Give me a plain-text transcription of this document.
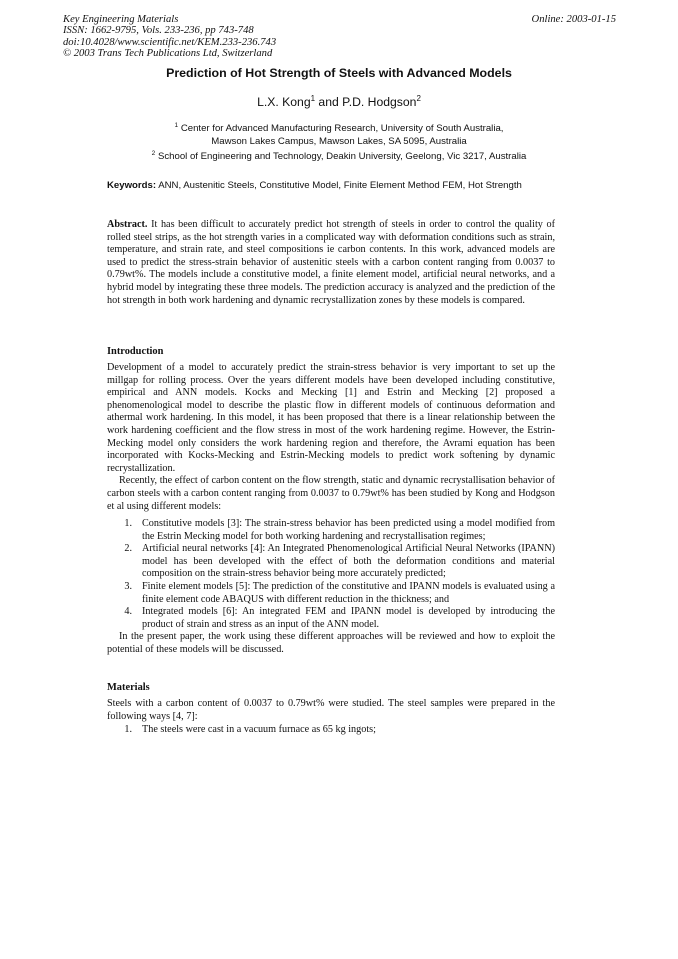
Key Engineering Materials
ISSN: 1662-9795, Vols. 233-236, pp 743-748
doi:10.4028/www.scientific.net/KEM.233-236.743
© 2003 Trans Tech Publications Ltd, Switzerland
Online: 2003-01-15
Prediction of Hot Strength of Steels with Advanced Models
L.X. Kong$^1$ and P.D. Hodgson$^2$
$^1$ Center for Advanced Manufacturing Research, University of South Australia,
Mawson Lakes Campus, Mawson Lakes, SA 5095, Australia
$^2$ School of Engineering and Technology, Deakin University, Geelong, Vic 3217, Australia
Keywords: ANN, Austenitic Steels, Constitutive Model, Finite Element Method FEM, Hot Strength
Abstract. It has been difficult to accurately predict hot strength of steels in order to control the quality of rolled steel strips, as the hot strength varies in a complicated way with deformation conditions such as strain, temperature, and strain rate, and steel compositions ie carbon contents. In this work, advanced models are used to predict the stress-strain behavior of austenitic steels with a carbon content ranging from 0.0037 to 0.79wt%. The models include a constitutive model, a finite element model, artificial neural networks, and a hybrid model by integrating these three models. The prediction accuracy is analyzed and the prediction of the hot strength in both work hardening and dynamic recrystallization zones by these models is compared.
Introduction
Development of a model to accurately predict the strain-stress behavior is very important to set up the millgap for rolling process. Over the years different models have been developed including constitutive, empirical and ANN models. Kocks and Mecking [1] and Estrin and Mecking [2] proposed a phenomenological model to describe the plastic flow in different models of continuous deformation and athermal work hardening. In this model, it has been proposed that there is a linear relationship between the work hardening coefficient and the flow stress in most of the work hardening regime. However, the Estrin-Mecking model only considers the work hardening region and therefore, the Avrami equation has been incorporated with Kocks-Mecking and Estrin-Mecking models to predict work softening by dynamic recrystallization.
Recently, the effect of carbon content on the flow strength, static and dynamic recrystallisation behavior of carbon steels with a carbon content ranging from 0.0037 to 0.79wt% has been studied by Kong and Hodgson et al using different models:
1. Constitutive models [3]: The strain-stress behavior has been predicted using a model modified from the Estrin Mecking model for both working hardening and recrystallisation regimes;
2. Artificial neural networks [4]: An Integrated Phenomenological Artificial Neural Networks (IPANN) model has been developed with the effect of both the deformation conditions and material composition on the strain-stress behavior being more accurately predicted;
3. Finite element models [5]: The prediction of the constitutive and IPANN models is evaluated using a finite element code ABAQUS with different reduction in the thickness; and
4. Integrated models [6]: An integrated FEM and IPANN model is developed by introducing the product of strain and stress as an input of the ANN model.
In the present paper, the work using these different approaches will be reviewed and how to exploit the potential of these models will be discussed.
Materials
Steels with a carbon content of 0.0037 to 0.79wt% were studied. The steel samples were prepared in the following ways [4, 7]:
1. The steels were cast in a vacuum furnace as 65 kg ingots;
